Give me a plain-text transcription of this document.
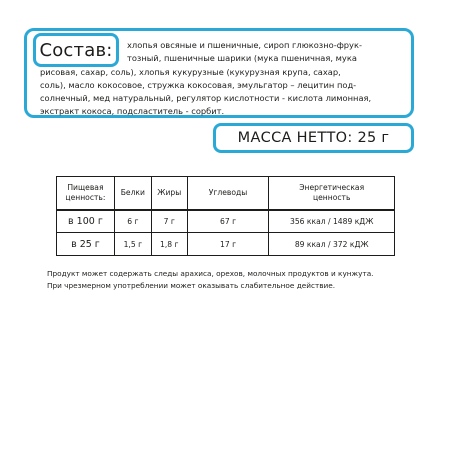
хлопья овсяные и пшеничные, сироп глюкозно-фрук-
тозный, пшеничные шарики (мука пшеничная, мука
рисовая, сахар, соль), хлопья кукурузные (кукурузная крупа, сахар,
соль), масло кокосовое, стружка кокосовая, эмульгатор – лецитин под-
солнечный, мед натуральный, регулятор кислотности - кислота лимонная,
экстракт кокоса, подсластитель - сорбит.
Состав:
МАССА НЕТТО: 25 г
Пищевая
ценность:	Белки	Жиры	Углеводы	Энергетическая
ценность
в 100 г	6 г	7 г	67 г	356 ккал / 1489 кДЖ
в 25 г	1,5 г	1,8 г	17 г	89 ккал / 372 кДЖ
Продукт может содержать следы арахиса, орехов, молочных продуктов и кунжута.
При чрезмерном употреблении может оказывать слабительное действие.
